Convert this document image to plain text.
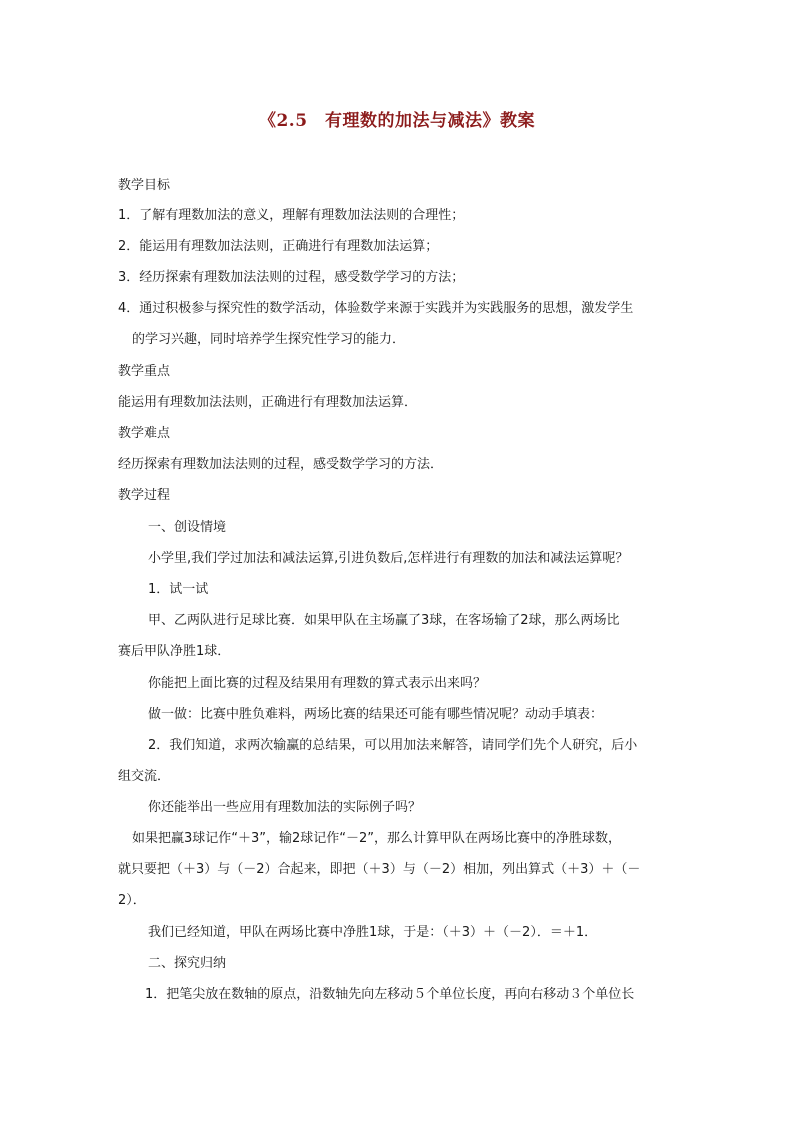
《2.5　有理数的加法与减法》教案
教学目标
1．了解有理数加法的意义，理解有理数加法法则的合理性；
2．能运用有理数加法法则，正确进行有理数加法运算；
3．经历探索有理数加法法则的过程，感受数学学习的方法；
4．通过积极参与探究性的数学活动，体验数学来源于实践并为实践服务的思想，激发学生
的学习兴趣，同时培养学生探究性学习的能力．
教学重点
能运用有理数加法法则，正确进行有理数加法运算．
教学难点
经历探索有理数加法法则的过程，感受数学学习的方法．
教学过程
一、创设情境
小学里,我们学过加法和减法运算,引进负数后,怎样进行有理数的加法和减法运算呢？
1．试一试
甲、乙两队进行足球比赛．如果甲队在主场赢了3球，在客场输了2球，那么两场比
赛后甲队净胜1球．
你能把上面比赛的过程及结果用有理数的算式表示出来吗？
做一做：比赛中胜负难料，两场比赛的结果还可能有哪些情况呢？动动手填表：
2．我们知道，求两次输赢的总结果，可以用加法来解答，请同学们先个人研究，后小
组交流．
你还能举出一些应用有理数加法的实际例子吗？
如果把赢3球记作“＋3”，输2球记作“－2”，那么计算甲队在两场比赛中的净胜球数，
就只要把（＋3）与（－2）合起来，即把（＋3）与（－2）相加，列出算式（＋3）＋（－
2）．
我们已经知道，甲队在两场比赛中净胜1球，于是：（＋3）＋（－2）．＝＋1．
二、探究归纳
1．把笔尖放在数轴的原点，沿数轴先向左移动５个单位长度，再向右移动３个单位长
